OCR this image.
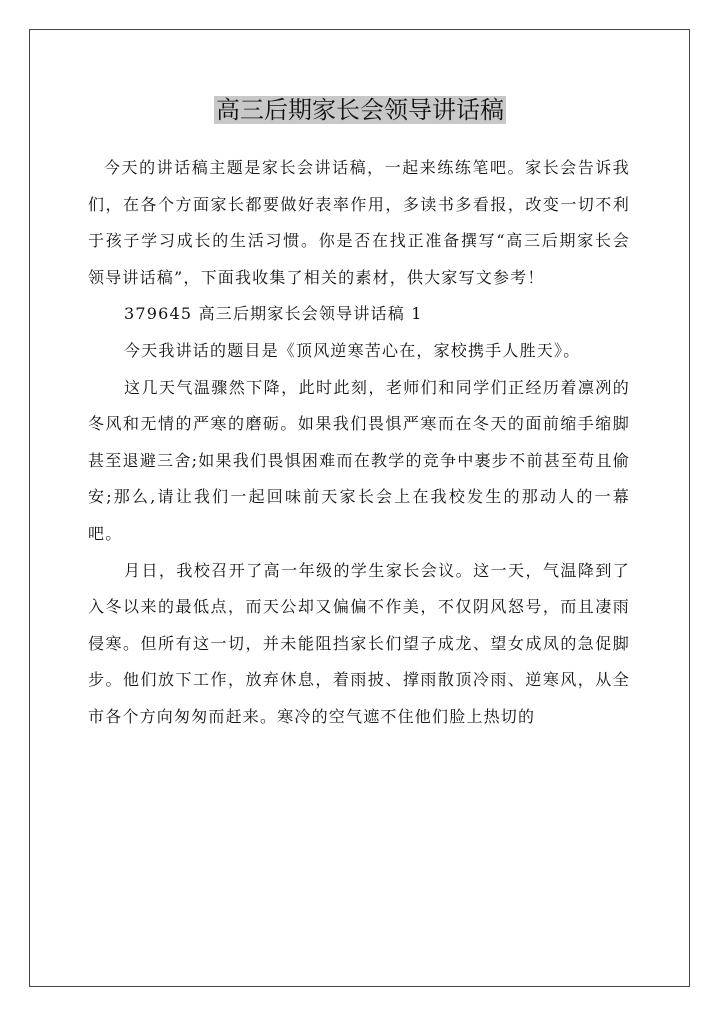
高三后期家长会领导讲话稿

今天的讲话稿主题是家长会讲话稿，一起来练练笔吧。家长会告诉我们，在各个方面家长都要做好表率作用，多读书多看报，改变一切不利于孩子学习成长的生活习惯。你是否在找正准备撰写“高三后期家长会领导讲话稿”，下面我收集了相关的素材，供大家写文参考！

379645 高三后期家长会领导讲话稿 1

今天我讲话的题目是《顶风逆寒苦心在，家校携手人胜天》。

这几天气温骤然下降，此时此刻，老师们和同学们正经历着凛冽的冬风和无情的严寒的磨砺。如果我们畏惧严寒而在冬天的面前缩手缩脚甚至退避三舍;如果我们畏惧困难而在教学的竞争中裹步不前甚至苟且偷安;那么,请让我们一起回味前天家长会上在我校发生的那动人的一幕吧。

月日，我校召开了高一年级的学生家长会议。这一天，气温降到了入冬以来的最低点，而天公却又偏偏不作美，不仅阴风怒号，而且凄雨侵寒。但所有这一切，并未能阻挡家长们望子成龙、望女成凤的急促脚步。他们放下工作，放弃休息，着雨披、撑雨散顶冷雨、逆寒风，从全市各个方向匆匆而赶来。寒冷的空气遮不住他们脸上热切的
